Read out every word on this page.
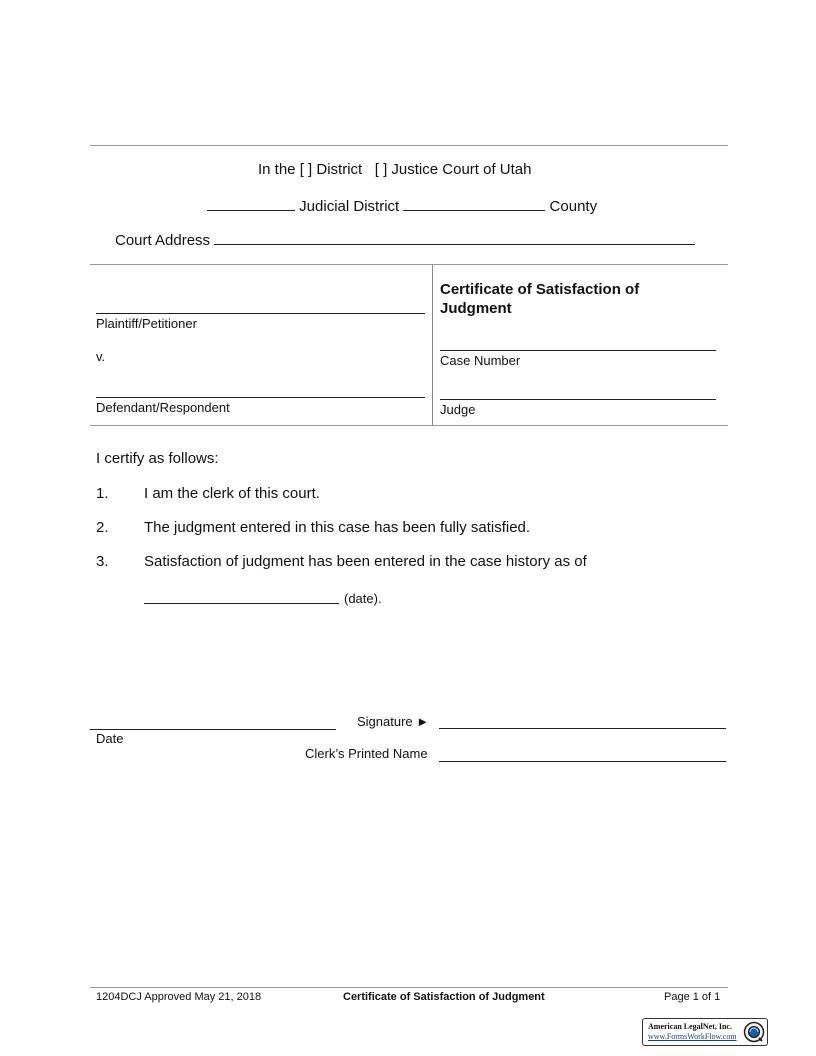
In the [ ] District [ ] Justice Court of Utah
Judicial District	County
Court Address
Plaintiff/Petitioner
v.
Defendant/Respondent
Certificate of Satisfaction of Judgment
Case Number
Judge
I certify as follows:
1. I am the clerk of this court.
2. The judgment entered in this case has been fully satisfied.
3. Satisfaction of judgment has been entered in the case history as of
(date).
Date
Signature ►
Clerk’s Printed Name
1204DCJ Approved May 21, 2018	Certificate of Satisfaction of Judgment	Page 1 of 1
American LegalNet, Inc.
www.FormsWorkFlow.com
